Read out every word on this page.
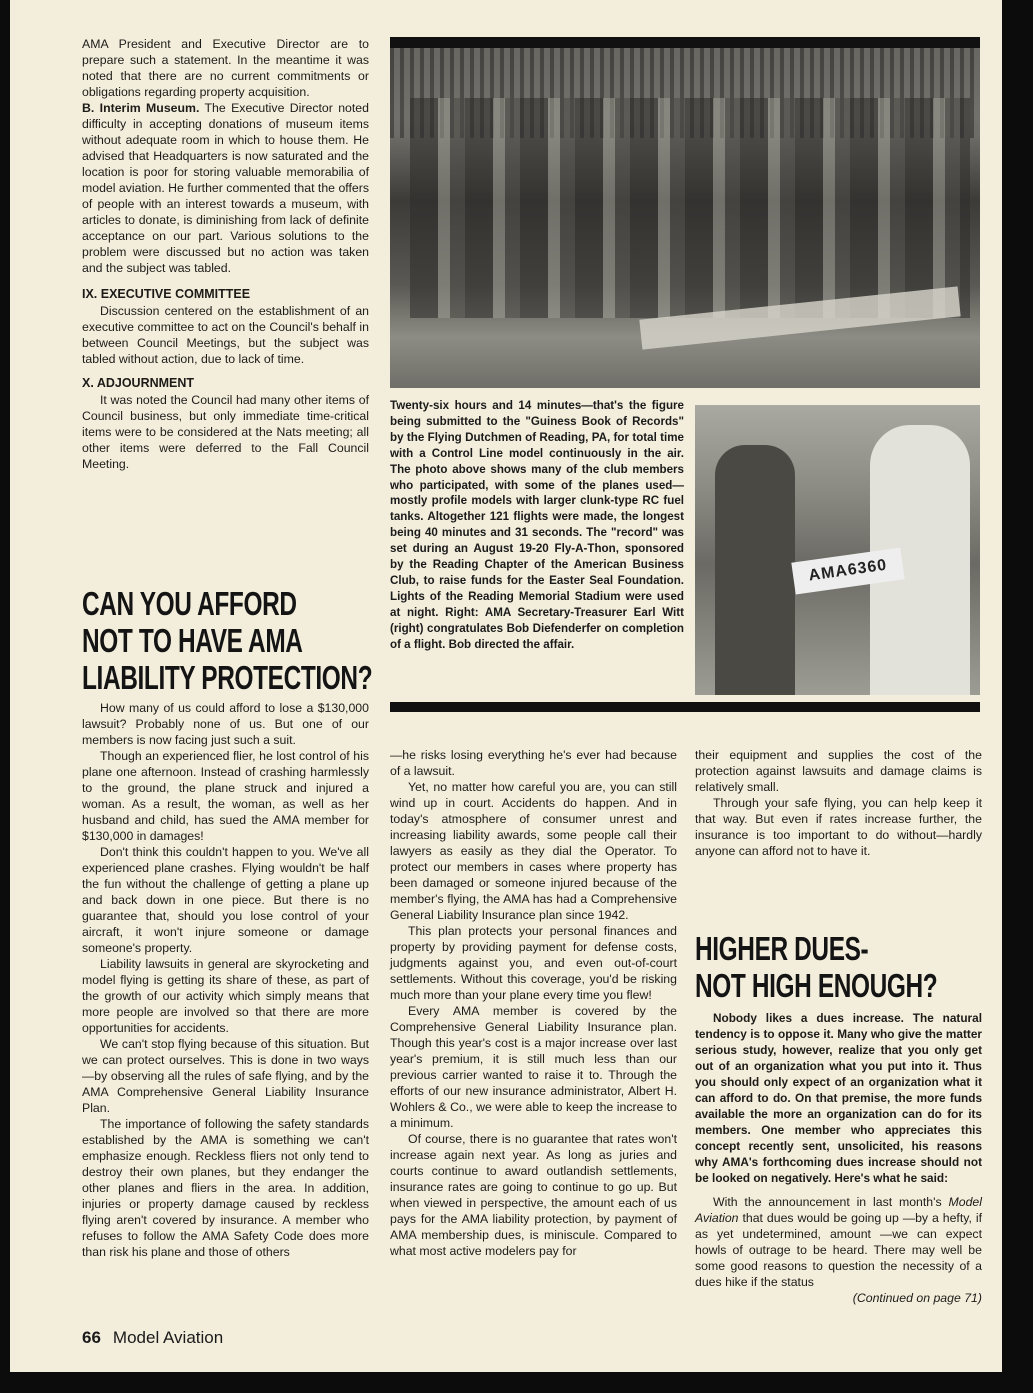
AMA President and Executive Director are to prepare such a statement. In the meantime it was noted that there are no current commitments or obligations regarding property acquisition.

B. Interim Museum. The Executive Director noted difficulty in accepting donations of museum items without adequate room in which to house them. He advised that Headquarters is now saturated and the location is poor for storing valuable memorabilia of model aviation. He further commented that the offers of people with an interest towards a museum, with articles to donate, is diminishing from lack of definite acceptance on our part. Various solutions to the problem were discussed but no action was taken and the subject was tabled.

IX. EXECUTIVE COMMITTEE

Discussion centered on the establishment of an executive committee to act on the Council's behalf in between Council Meetings, but the subject was tabled without action, due to lack of time.

X. ADJOURNMENT

It was noted the Council had many other items of Council business, but only immediate time-critical items were to be considered at the Nats meeting; all other items were deferred to the Fall Council Meeting.

CAN YOU AFFORD
NOT TO HAVE AMA
LIABILITY PROTECTION?

How many of us could afford to lose a $130,000 lawsuit? Probably none of us. But one of our members is now facing just such a suit.

Though an experienced flier, he lost control of his plane one afternoon. Instead of crashing harmlessly to the ground, the plane struck and injured a woman. As a result, the woman, as well as her husband and child, has sued the AMA member for $130,000 in damages!

Don't think this couldn't happen to you. We've all experienced plane crashes. Flying wouldn't be half the fun without the challenge of getting a plane up and back down in one piece. But there is no guarantee that, should you lose control of your aircraft, it won't injure someone or damage someone's property.

Liability lawsuits in general are skyrocketing and model flying is getting its share of these, as part of the growth of our activity which simply means that more people are involved so that there are more opportunities for accidents.

We can't stop flying because of this situation. But we can protect ourselves. This is done in two ways—by observing all the rules of safe flying, and by the AMA Comprehensive General Liability Insurance Plan.

The importance of following the safety standards established by the AMA is something we can't emphasize enough. Reckless fliers not only tend to destroy their own planes, but they endanger the other planes and fliers in the area. In addition, injuries or property damage caused by reckless flying aren't covered by insurance. A member who refuses to follow the AMA Safety Code does more than risk his plane and those of others

—he risks losing everything he's ever had because of a lawsuit.

Yet, no matter how careful you are, you can still wind up in court. Accidents do happen. And in today's atmosphere of consumer unrest and increasing liability awards, some people call their lawyers as easily as they dial the Operator. To protect our members in cases where property has been damaged or someone injured because of the member's flying, the AMA has had a Comprehensive General Liability Insurance plan since 1942.

This plan protects your personal finances and property by providing payment for defense costs, judgments against you, and even out-of-court settlements. Without this coverage, you'd be risking much more than your plane every time you flew!

Every AMA member is covered by the Comprehensive General Liability Insurance plan. Though this year's cost is a major increase over last year's premium, it is still much less than our previous carrier wanted to raise it to. Through the efforts of our new insurance administrator, Albert H. Wohlers & Co., we were able to keep the increase to a minimum.

Of course, there is no guarantee that rates won't increase again next year. As long as juries and courts continue to award outlandish settlements, insurance rates are going to continue to go up. But when viewed in perspective, the amount each of us pays for the AMA liability protection, by payment of AMA membership dues, is miniscule. Compared to what most active modelers pay for

their equipment and supplies the cost of the protection against lawsuits and damage claims is relatively small.

Through your safe flying, you can help keep it that way. But even if rates increase further, the insurance is too important to do without—hardly anyone can afford not to have it.

HIGHER DUES-
NOT HIGH ENOUGH?

Nobody likes a dues increase. The natural tendency is to oppose it. Many who give the matter serious study, however, realize that you only get out of an organization what you put into it. Thus you should only expect of an organization what it can afford to do. On that premise, the more funds available the more an organization can do for its members. One member who appreciates this concept recently sent, unsolicited, his reasons why AMA's forthcoming dues increase should not be looked on negatively. Here's what he said:

With the announcement in last month's Model Aviation that dues would be going up —by a hefty, if as yet undetermined, amount —we can expect howls of outrage to be heard. There may well be some good reasons to question the necessity of a dues hike if the status

(Continued on page 71)

Twenty-six hours and 14 minutes—that's the figure being submitted to the "Guiness Book of Records" by the Flying Dutchmen of Reading, PA, for total time with a Control Line model continuously in the air. The photo above shows many of the club members who participated, with some of the planes used—mostly profile models with larger clunk-type RC fuel tanks. Altogether 121 flights were made, the longest being 40 minutes and 31 seconds. The "record" was set during an August 19-20 Fly-A-Thon, sponsored by the Reading Chapter of the American Business Club, to raise funds for the Easter Seal Foundation. Lights of the Reading Memorial Stadium were used at night. Right: AMA Secretary-Treasurer Earl Witt (right) congratulates Bob Diefenderfer on completion of a flight. Bob directed the affair.
AMA6360
66 Model Aviation
